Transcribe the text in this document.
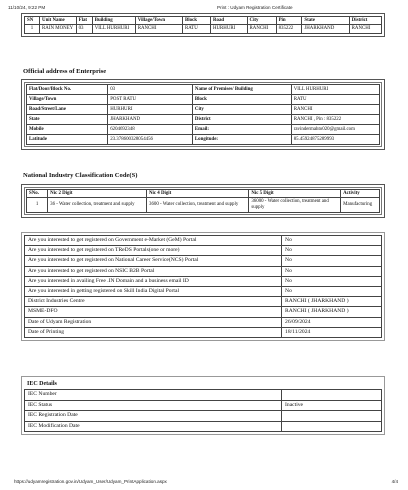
11/10/24, 9:22 PM	Print : Udyam Registration Certificate
SN	Unit Name	Flat	Building	Village/Town	Block	Road	City	Pin	State	District
1	RAIN MONEY	03	VILL HURHURI	RANCHI	RATU	HURHURI	RANCHI	835222	JHARKHAND	RANCHI
Official address of Enterprise
Flat/Door/Block No.	03	Name of Premises/ Building	VILL HURHURI
Village/Town	POST RATU	Block	RATU
Road/Street/Lane	HURHURI	City	RANCHI
State	JHARKHAND	District	RANCHI , Pin : 835222
Mobile	6204692348	Email:	ravindermahto020@gmail.com
Latitude	23.378600328054456	Longitude:	85.45924875289993
National Industry Classification Code(S)
SNo.	Nic 2 Digit	Nic 4 Digit	Nic 5 Digit	Activity
1	36 - Water collection, treatment and supply	3600 - Water collection, treatment and supply	36000 - Water collection, treatment and supply	Manufacturing
Are you interested to get registered on Government e-Market (GeM) Portal	No
Are you interested to get registered on TReDS Portals(one or more)	No
Are you interested to get registered on National Career Service(NCS) Portal	No
Are you interested to get registered on NSIC B2B Portal	No
Are you interested in availing Free .IN Domain and a business email ID	No
Are you interested in getting registered on Skill India Digital Portal	No
District Industries Centre	RANCHI ( JHARKHAND )
MSME-DFO	RANCHI ( JHARKHAND )
Date of Udyam Registration	26/09/2024
Date of Printing	18/11/2024
IEC Details
IEC Number	
IEC Status	Inactive
IEC Registration Date	
IEC Modification Date	
https://udyamregistration.gov.in/Udyam_User/Udyam_PrintApplication.aspx	4/4
